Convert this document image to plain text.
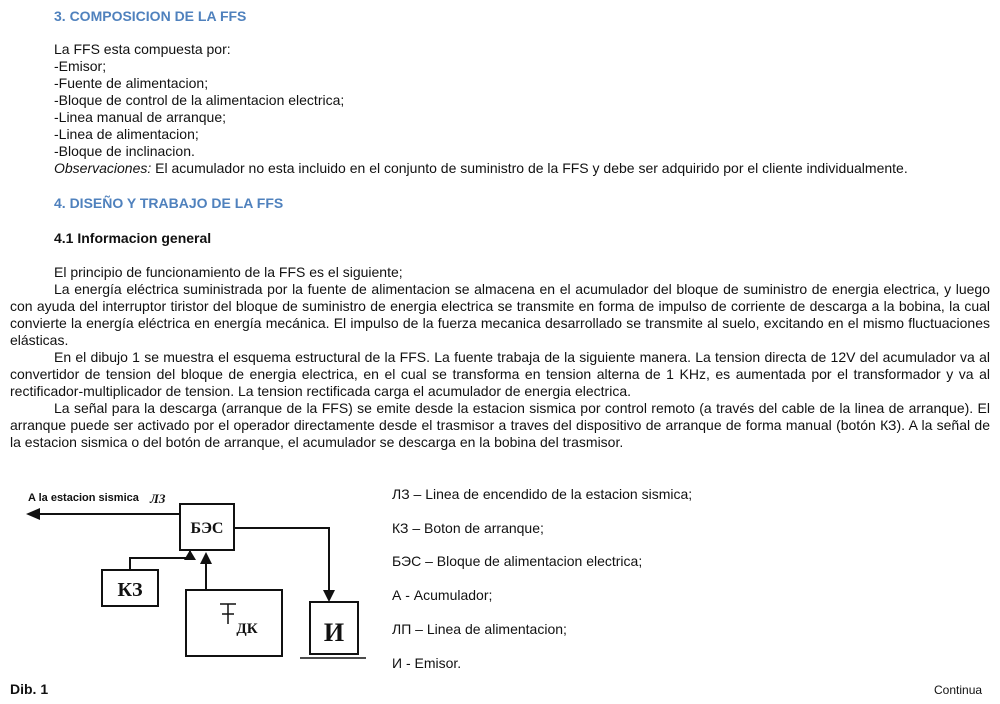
3. COMPOSICION DE LA FFS
La FFS esta compuesta por:
-Emisor;
-Fuente de alimentacion;
-Bloque de control de la alimentacion electrica;
-Linea manual de arranque;
-Linea de alimentacion;
-Bloque de inclinacion.
Observaciones: El acumulador no esta incluido en el conjunto de suministro de la FFS y debe ser adquirido por el cliente individualmente.
4. DISEÑO Y TRABAJO DE LA FFS
4.1 Informacion general
El principio de funcionamiento de la FFS es el siguiente;
La energía eléctrica suministrada por la fuente de alimentacion se almacena en el acumulador del bloque de suministro de energia electrica, y luego con ayuda del interruptor tiristor del bloque de suministro de energia electrica se transmite en forma de impulso de corriente de descarga a la bobina, la cual convierte la energía eléctrica en energía mecánica. El impulso de la fuerza mecanica desarrollado se transmite al suelo, excitando en el mismo fluctuaciones elásticas.
En el dibujo 1 se muestra el esquema estructural de la FFS. La fuente trabaja de la siguiente manera. La tension directa de 12V del acumulador va al convertidor de tension del bloque de energia electrica, en el cual se transforma en tension alterna de 1 KHz, es aumentada por el transformador y va al rectificador-multiplicador de tension. La tension rectificada carga el acumulador de energia electrica.
La señal para la descarga (arranque de la FFS) se emite desde la estacion sismica por control remoto (a través del cable de la linea de arranque). El arranque puede ser activado por el operador directamente desde el trasmisor a traves del dispositivo de arranque de forma manual (botón КЗ). A la señal de la estacion sismica o del botón de arranque, el acumulador se descarga en la bobina del trasmisor.
A la estacion sismica ЛЗ
БЭС
КЗ
ДК	И
ЛЗ – Linea de encendido de la estacion sismica;
КЗ – Boton de arranque;
БЭС – Bloque de alimentacion electrica;
А - Acumulador;
ЛП – Linea de alimentacion;
И - Emisor.
Dib. 1	Continua
